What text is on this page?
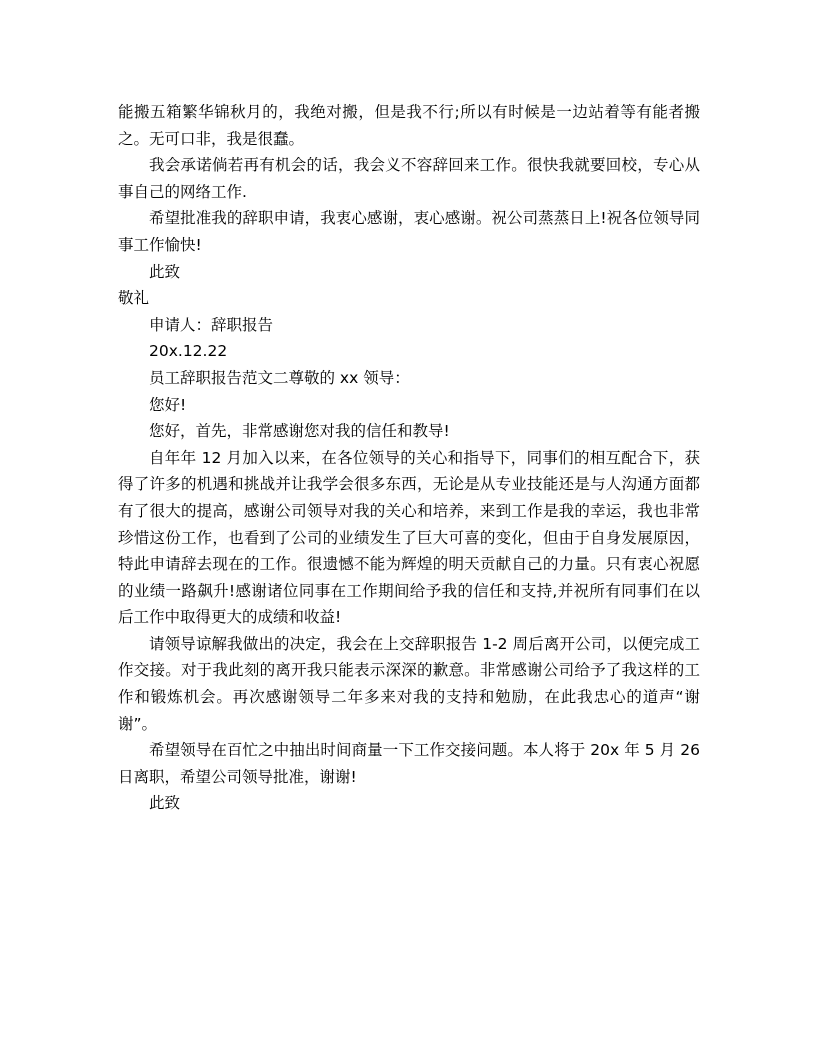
能搬五箱繁华锦秋月的，我绝对搬，但是我不行;所以有时候是一边站着等有能者搬之。无可口非，我是很蠢。

我会承诺倘若再有机会的话，我会义不容辞回来工作。很快我就要回校，专心从事自己的网络工作.

希望批准我的辞职申请，我衷心感谢，衷心感谢。祝公司蒸蒸日上!祝各位领导同事工作愉快!

此致

敬礼

申请人：辞职报告

20x.12.22

员工辞职报告范文二尊敬的 xx 领导：

您好!

您好，首先，非常感谢您对我的信任和教导!

自年年 12 月加入以来，在各位领导的关心和指导下，同事们的相互配合下，获得了许多的机遇和挑战并让我学会很多东西，无论是从专业技能还是与人沟通方面都有了很大的提高，感谢公司领导对我的关心和培养，来到工作是我的幸运，我也非常珍惜这份工作，也看到了公司的业绩发生了巨大可喜的变化，但由于自身发展原因，特此申请辞去现在的工作。很遗憾不能为辉煌的明天贡献自己的力量。只有衷心祝愿的业绩一路飙升!感谢诸位同事在工作期间给予我的信任和支持,并祝所有同事们在以后工作中取得更大的成绩和收益!

请领导谅解我做出的决定，我会在上交辞职报告 1-2 周后离开公司，以便完成工作交接。对于我此刻的离开我只能表示深深的歉意。非常感谢公司给予了我这样的工作和锻炼机会。再次感谢领导二年多来对我的支持和勉励，在此我忠心的道声“谢谢”。

希望领导在百忙之中抽出时间商量一下工作交接问题。本人将于 20x 年 5 月 26 日离职，希望公司领导批准，谢谢!

此致
